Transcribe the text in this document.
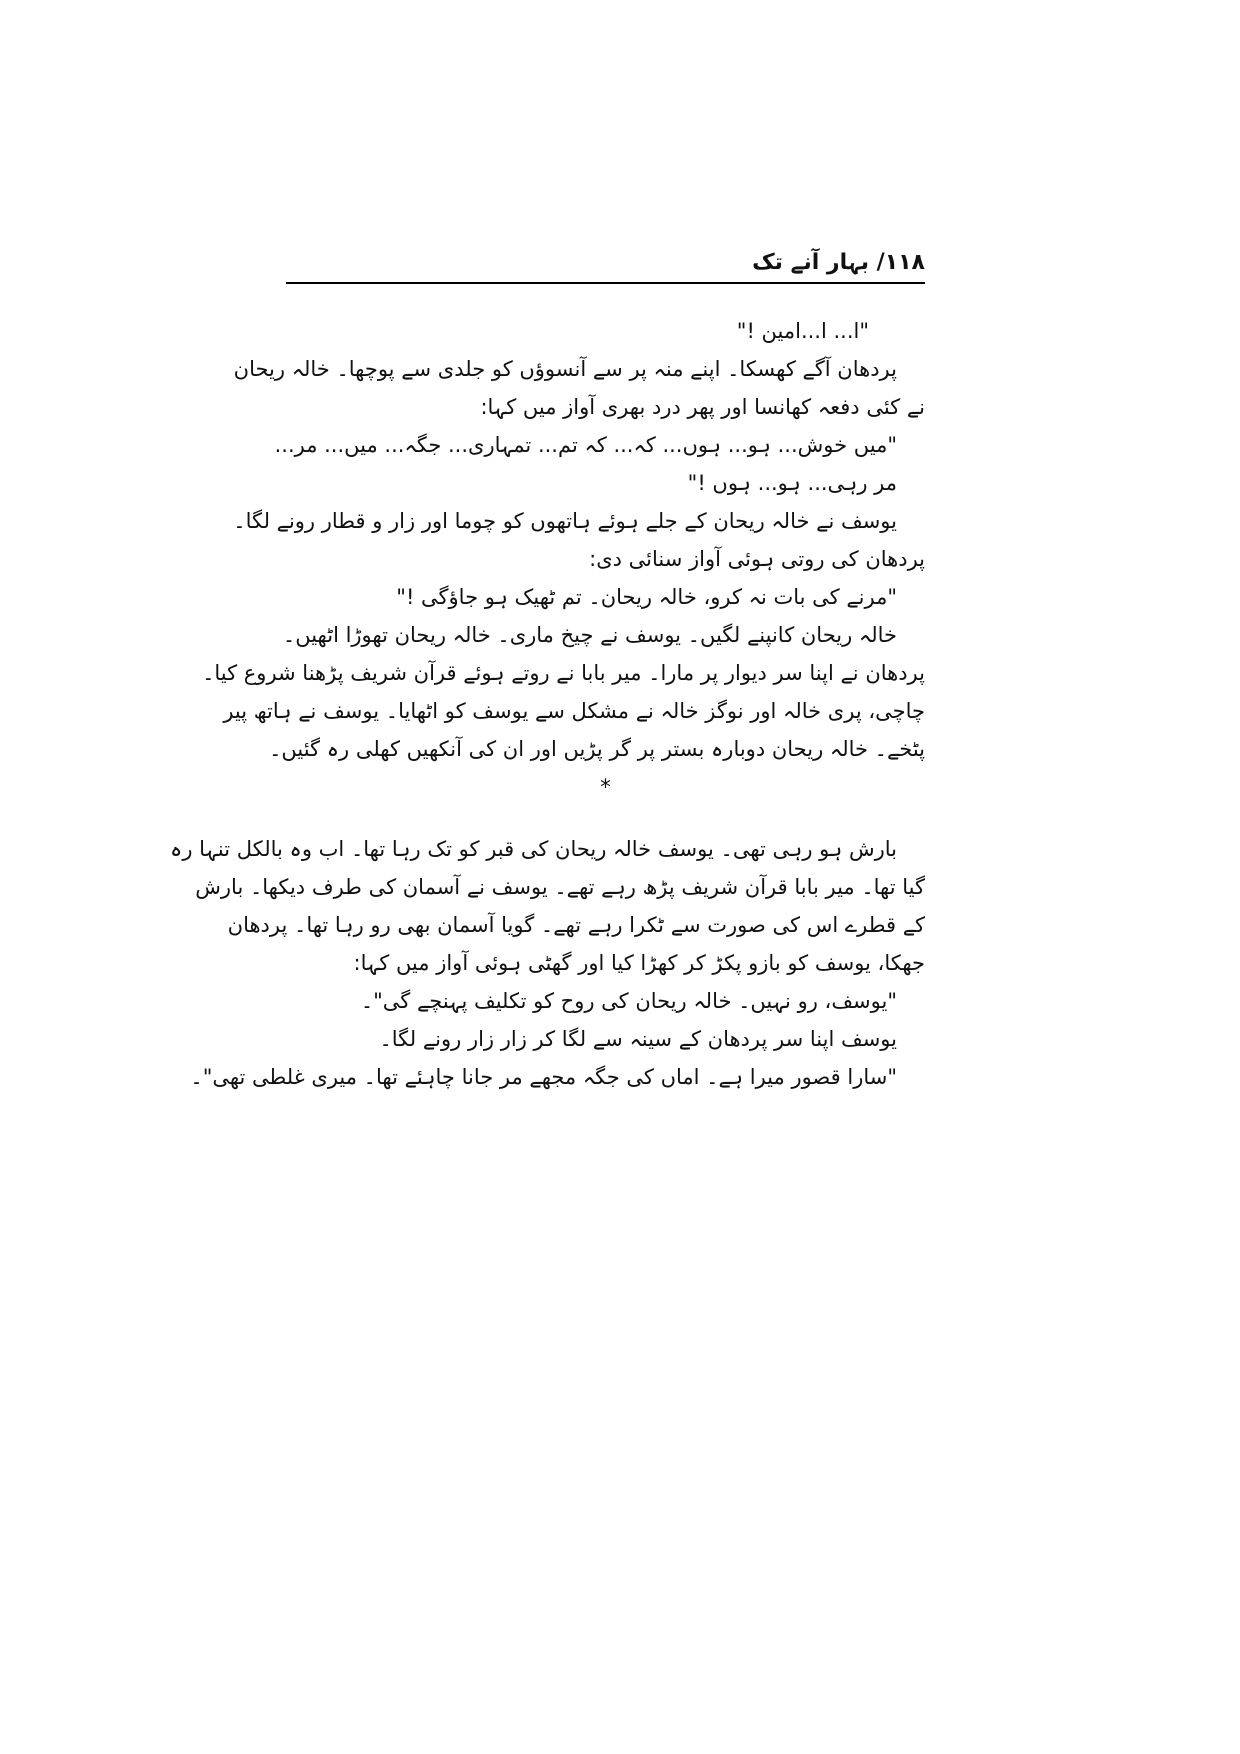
۱۱۸/ بہار آنے تک

"ا... ا...امین !"

پردھان آگے کھسکا۔ اپنے منہ پر سے آنسوؤں کو جلدی سے پوچھا۔ خالہ ریحان

نے کئی دفعہ کھانسا اور پھر درد بھری آواز میں کہا:

"میں خوش... ہو... ہوں... کہ... کہ تم... تمہاری... جگہ... میں... مر...

مر رہی... ہو... ہوں !"

یوسف نے خالہ ریحان کے جلے ہوئے ہاتھوں کو چوما اور زار و قطار رونے لگا۔

پردھان کی روتی ہوئی آواز سنائی دی:

"مرنے کی بات نہ کرو، خالہ ریحان۔ تم ٹھیک ہو جاؤگی !"

خالہ ریحان کانپنے لگیں۔ یوسف نے چیخ ماری۔ خالہ ریحان تھوڑا اٹھیں۔

پردھان نے اپنا سر دیوار پر مارا۔ میر بابا نے روتے ہوئے قرآن شریف پڑھنا شروع کیا۔

چاچی، پری خالہ اور نوگز خالہ نے مشکل سے یوسف کو اٹھایا۔ یوسف نے ہاتھ پیر

پٹخے۔ خالہ ریحان دوبارہ بستر پر گر پڑیں اور ان کی آنکھیں کھلی رہ گئیں۔

*

بارش ہو رہی تھی۔ یوسف خالہ ریحان کی قبر کو تک رہا تھا۔ اب وہ بالکل تنہا رہ

گیا تھا۔ میر بابا قرآن شریف پڑھ رہے تھے۔ یوسف نے آسمان کی طرف دیکھا۔ بارش

کے قطرے اس کی صورت سے ٹکرا رہے تھے۔ گویا آسمان بھی رو رہا تھا۔ پردھان

جھکا، یوسف کو بازو پکڑ کر کھڑا کیا اور گھٹی ہوئی آواز میں کہا:

"یوسف، رو نہیں۔ خالہ ریحان کی روح کو تکلیف پہنچے گی"۔

یوسف اپنا سر پردھان کے سینہ سے لگا کر زار زار رونے لگا۔

"سارا قصور میرا ہے۔ اماں کی جگہ مجھے مر جانا چاہئے تھا۔ میری غلطی تھی"۔
